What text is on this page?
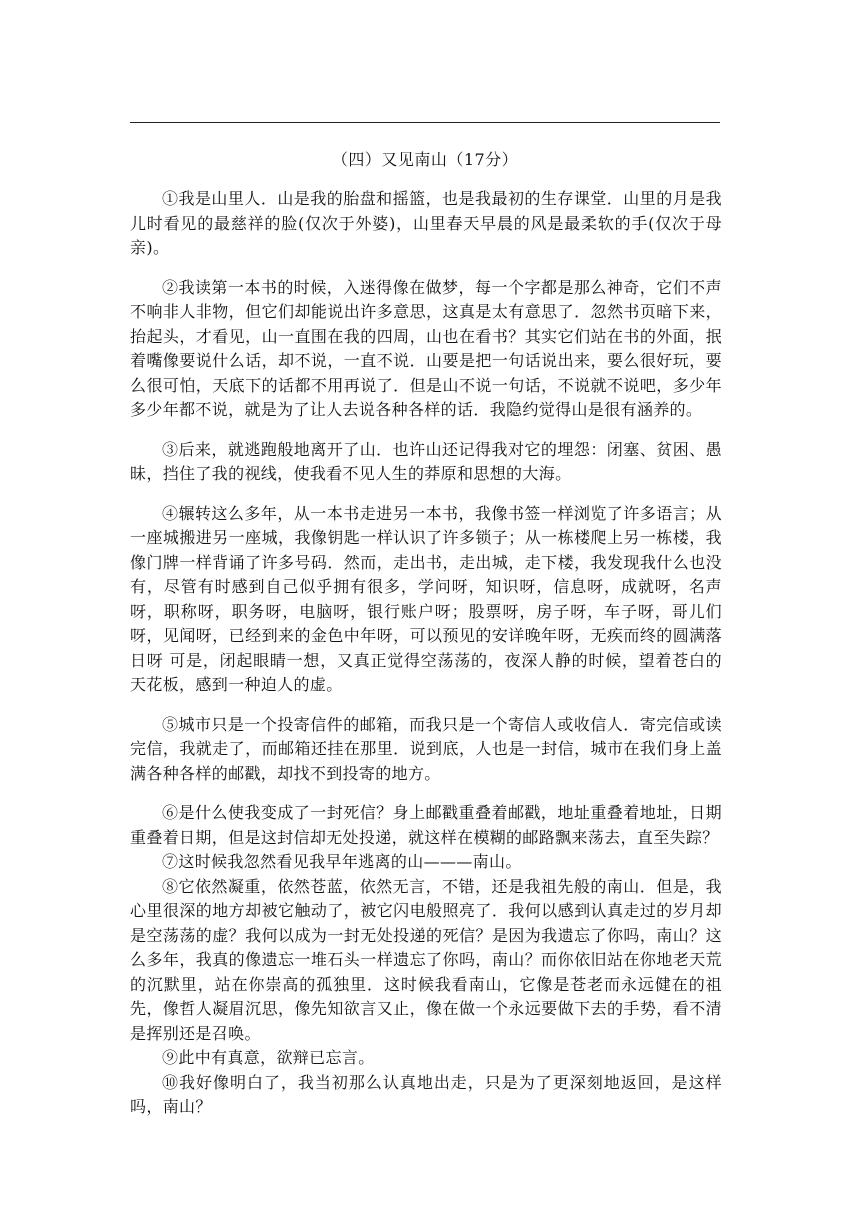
（四）又见南山（17分）

①我是山里人．山是我的胎盘和摇篮，也是我最初的生存课堂．山里的月是我儿时看见的最慈祥的脸(仅次于外婆)，山里春天早晨的风是最柔软的手(仅次于母亲)。

②我读第一本书的时候，入迷得像在做梦，每一个字都是那么神奇，它们不声不响非人非物，但它们却能说出许多意思，这真是太有意思了．忽然书页暗下来，抬起头，才看见，山一直围在我的四周，山也在看书？其实它们站在书的外面，抿着嘴像要说什么话，却不说，一直不说．山要是把一句话说出来，要么很好玩，要么很可怕，天底下的话都不用再说了．但是山不说一句话，不说就不说吧，多少年多少年都不说，就是为了让人去说各种各样的话．我隐约觉得山是很有涵养的。

③后来，就逃跑般地离开了山．也许山还记得我对它的埋怨：闭塞、贫困、愚昧，挡住了我的视线，使我看不见人生的莽原和思想的大海。

④辗转这么多年，从一本书走进另一本书，我像书签一样浏览了许多语言；从一座城搬进另一座城，我像钥匙一样认识了许多锁子；从一栋楼爬上另一栋楼，我像门牌一样背诵了许多号码．然而，走出书，走出城，走下楼，我发现我什么也没有，尽管有时感到自己似乎拥有很多，学问呀，知识呀，信息呀，成就呀，名声呀，职称呀，职务呀，电脑呀，银行账户呀；股票呀，房子呀，车子呀，哥儿们呀，见闻呀，已经到来的金色中年呀，可以预见的安详晚年呀，无疾而终的圆满落日呀 可是，闭起眼睛一想，又真正觉得空荡荡的，夜深人静的时候，望着苍白的天花板，感到一种迫人的虚。

⑤城市只是一个投寄信件的邮箱，而我只是一个寄信人或收信人．寄完信或读完信，我就走了，而邮箱还挂在那里．说到底，人也是一封信，城市在我们身上盖满各种各样的邮戳，却找不到投寄的地方。

⑥是什么使我变成了一封死信？身上邮戳重叠着邮戳，地址重叠着地址，日期重叠着日期，但是这封信却无处投递，就这样在模糊的邮路飘来荡去，直至失踪？

⑦这时候我忽然看见我早年逃离的山———南山。

⑧它依然凝重，依然苍蓝，依然无言，不错，还是我祖先般的南山．但是，我心里很深的地方却被它触动了，被它闪电般照亮了．我何以感到认真走过的岁月却是空荡荡的虚？我何以成为一封无处投递的死信？是因为我遗忘了你吗，南山？这么多年，我真的像遗忘一堆石头一样遗忘了你吗，南山？而你依旧站在你地老天荒的沉默里，站在你崇高的孤独里．这时候我看南山，它像是苍老而永远健在的祖先，像哲人凝眉沉思，像先知欲言又止，像在做一个永远要做下去的手势，看不清是挥别还是召唤。

⑨此中有真意，欲辩已忘言。

⑩我好像明白了，我当初那么认真地出走，只是为了更深刻地返回，是这样吗，南山？
